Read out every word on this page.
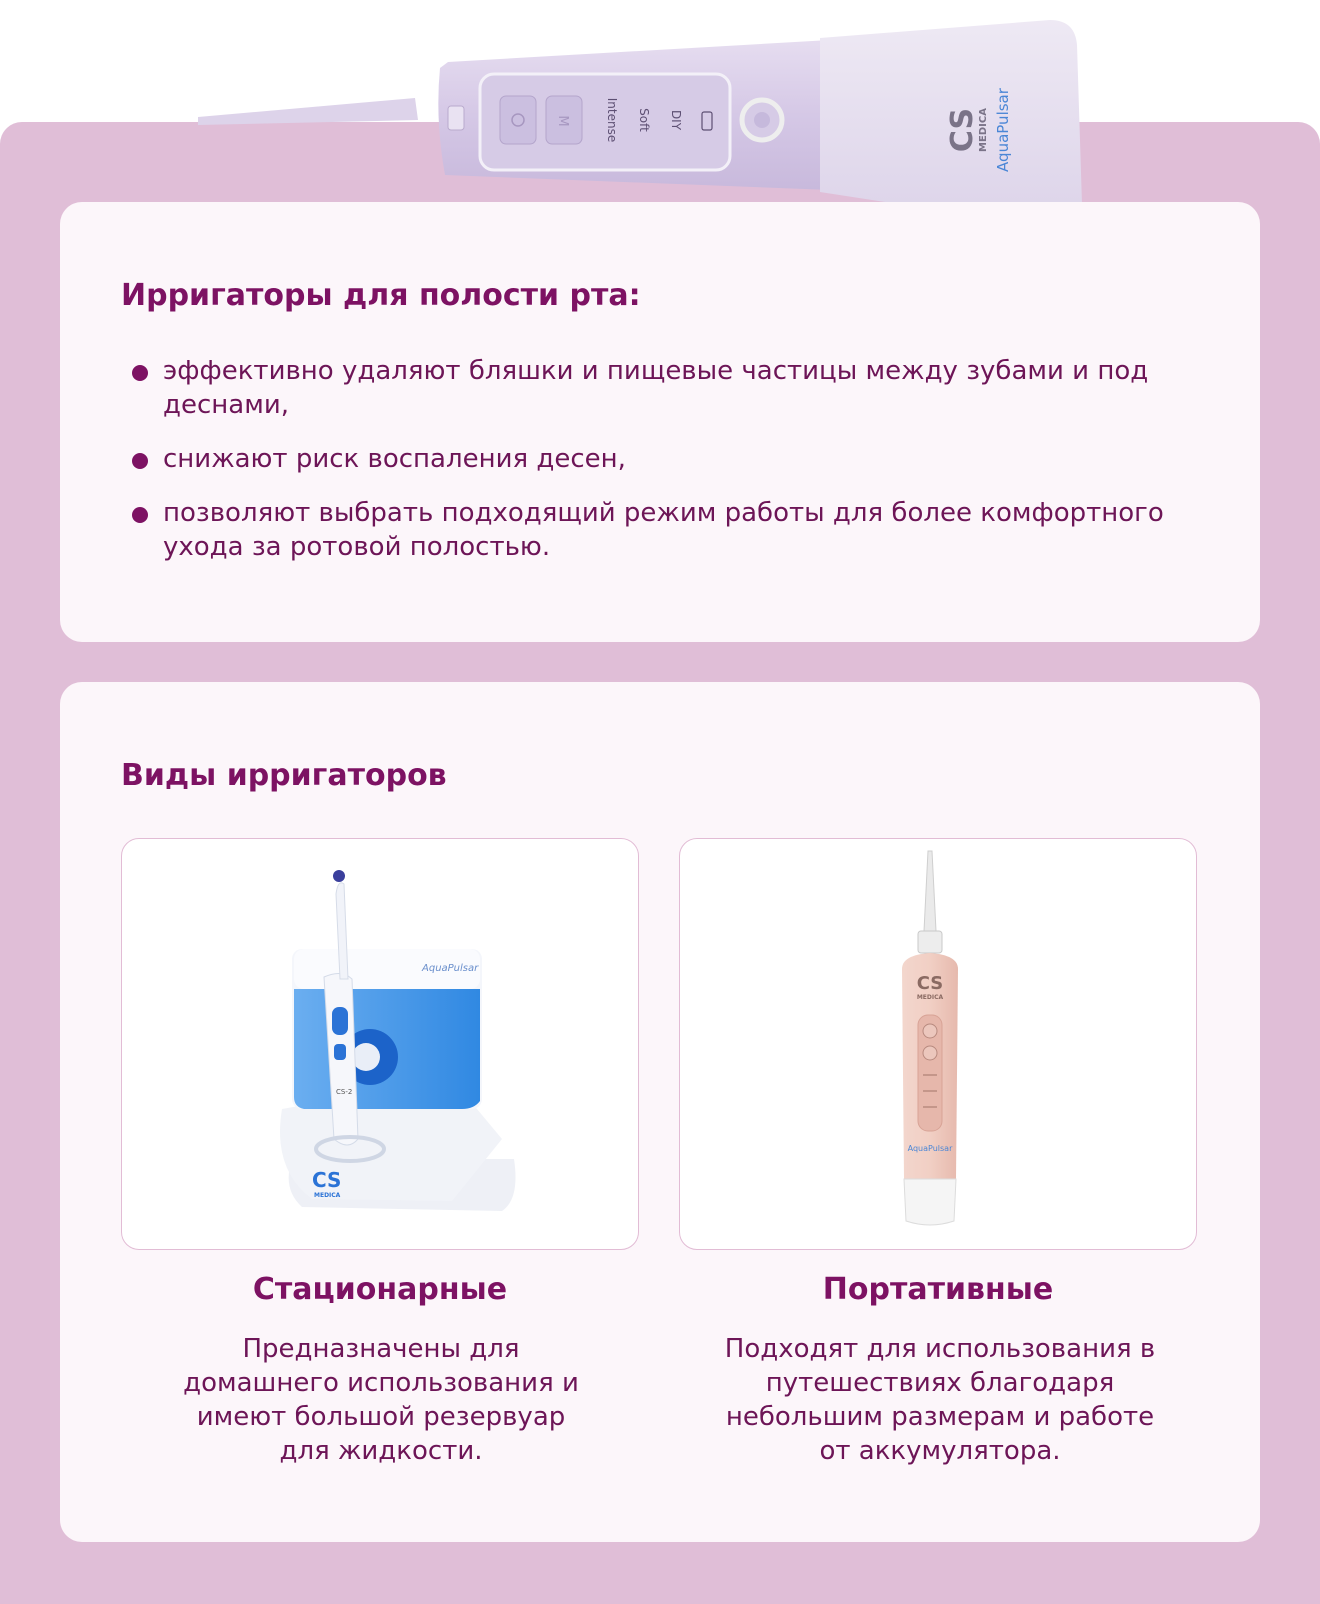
M	Intense Soft DIY	CS
MEDICA AquaPulsar
Ирригаторы для полости рта:
эффективно удаляют бляшки и пищевые частицы между зубами и под деснами,
снижают риск воспаления десен,
позволяют выбрать подходящий режим работы для более комфортного ухода за ротовой полостью.
Виды ирригаторов
AquaPulsar
CS-2
CS
MEDICA
CS
MEDICA
AquaPulsar
Стационарные	Портативные

Предназначены для домашнего использования и имеют большой резервуар для жидкости.

Подходят для использования в путешествиях благодаря небольшим размерам и работе от аккумулятора.
